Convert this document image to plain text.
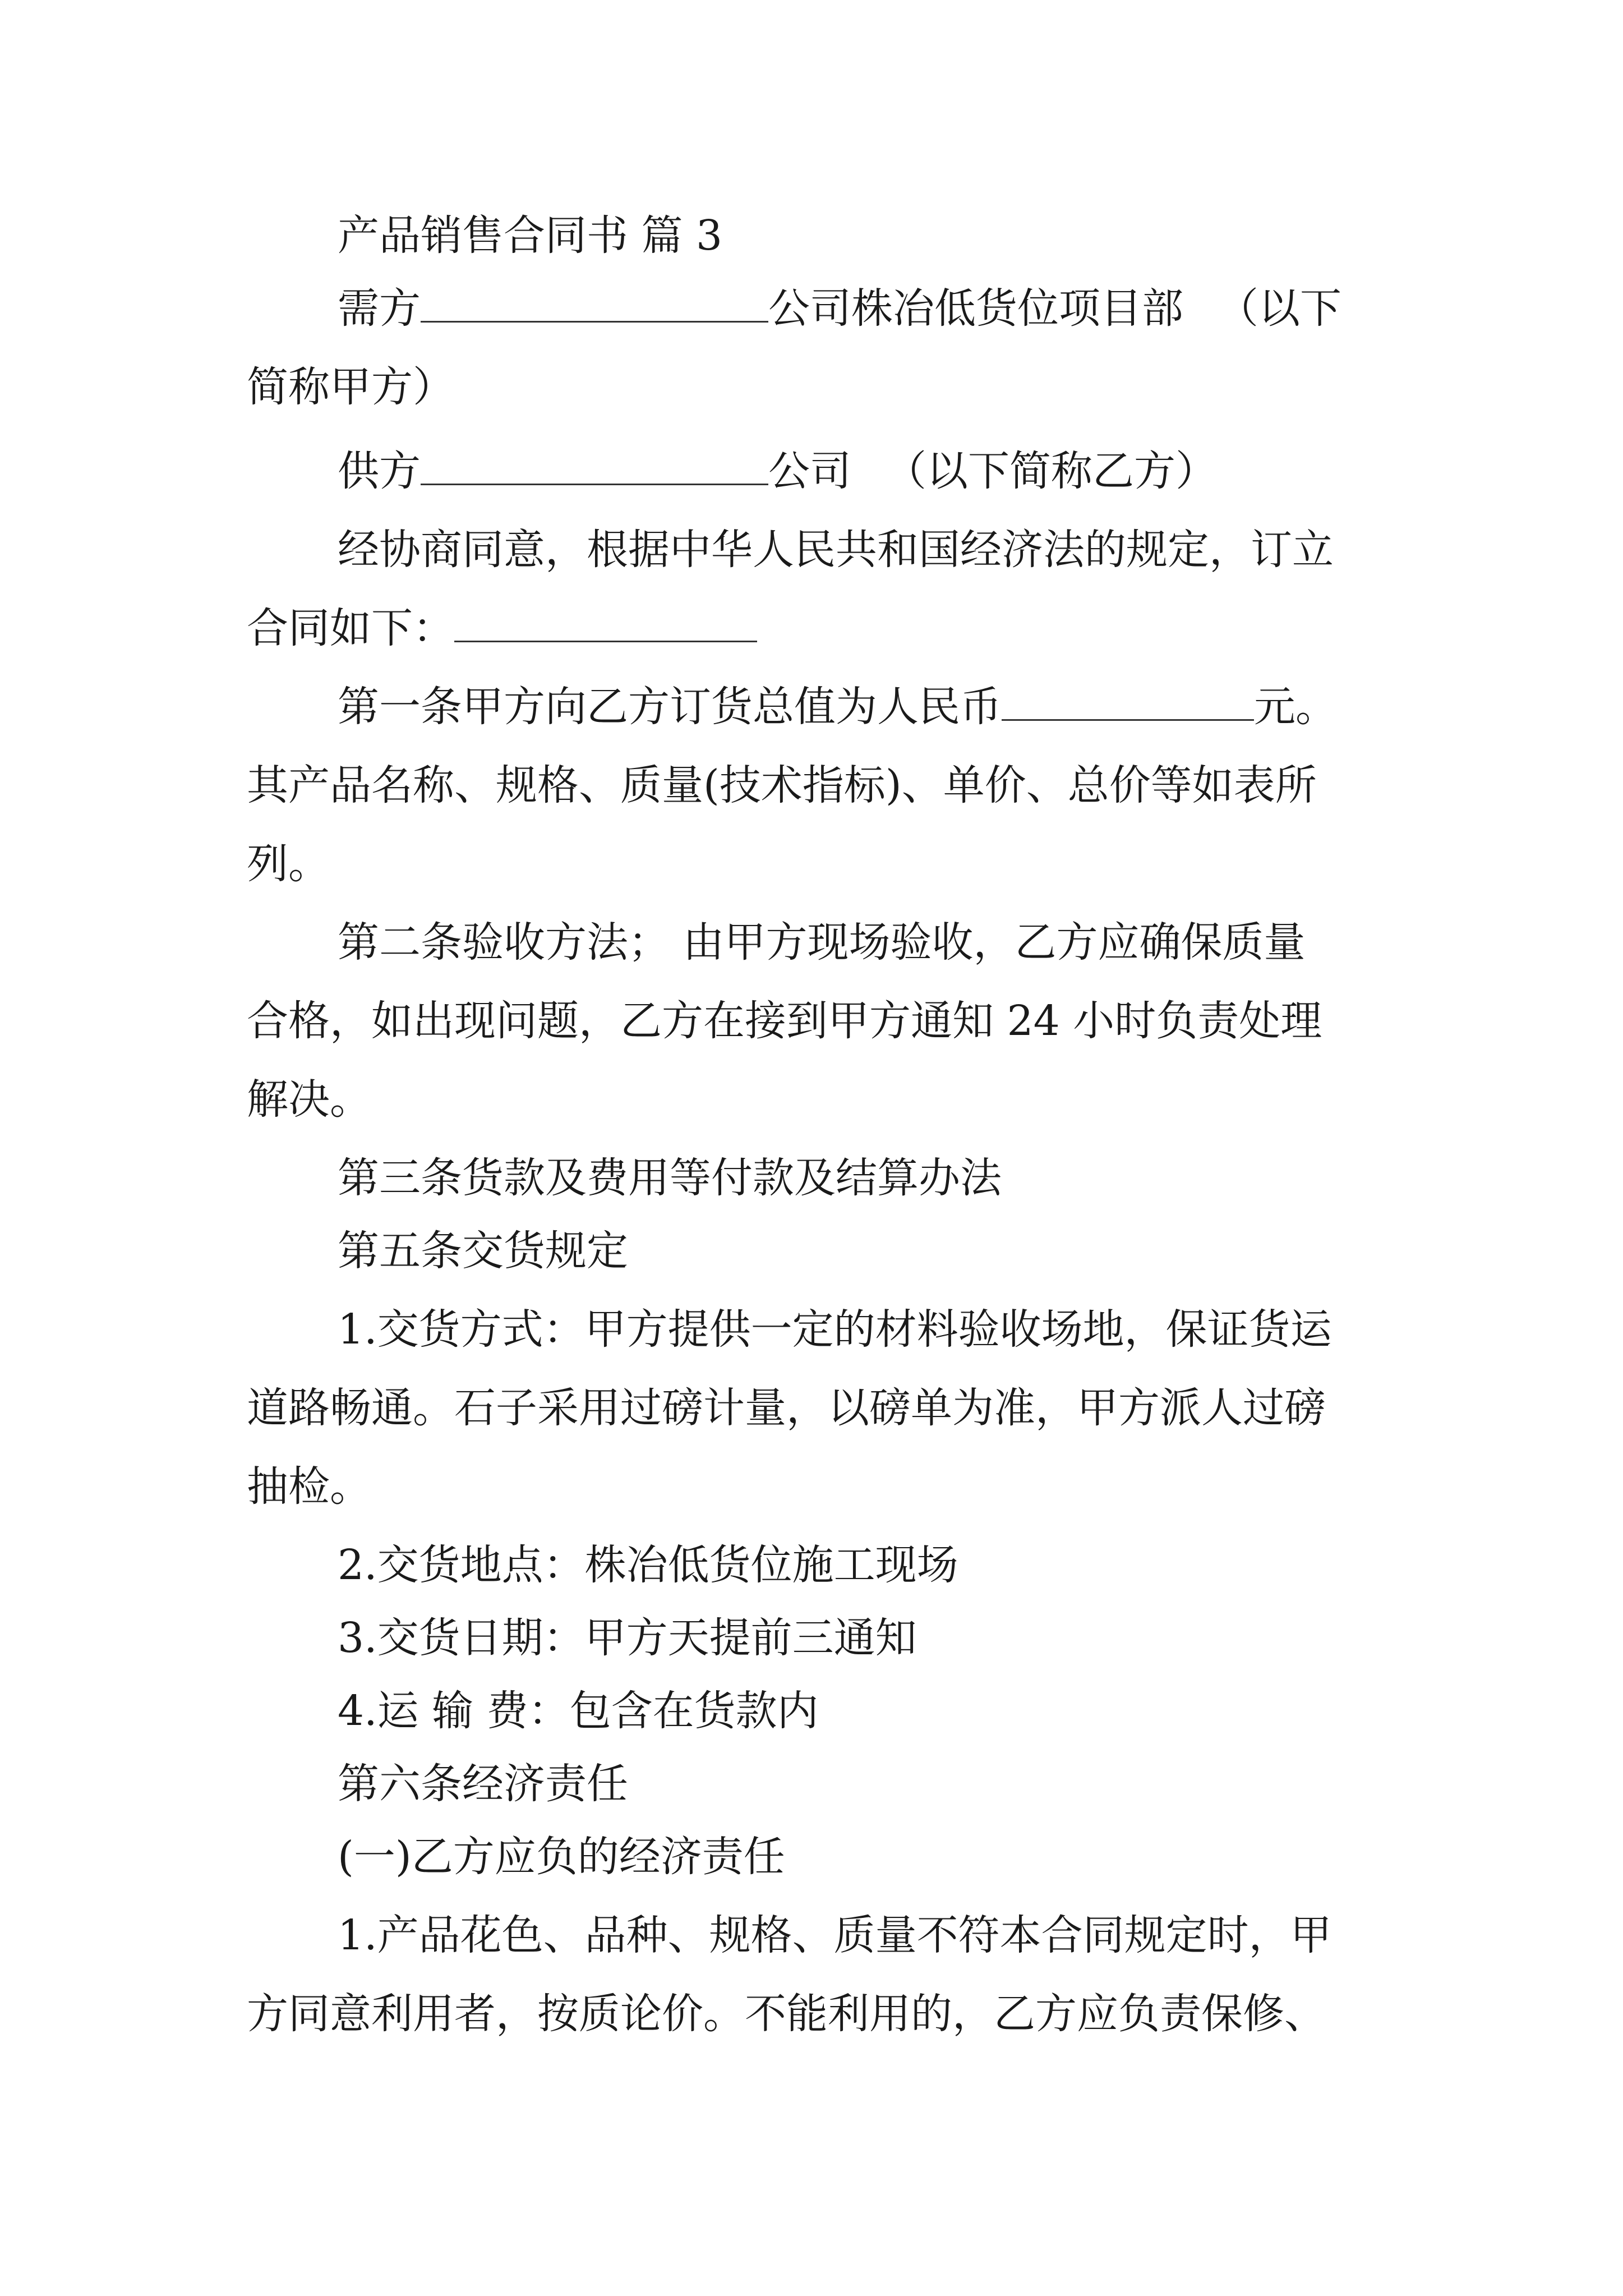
产品销售合同书 篇 3
需方	公司株冶低货位项目部 （以下
简称甲方）
供方	公司 （以下简称乙方）
经协商同意，根据中华人民共和国经济法的规定，订立
合同如下：
第一条甲方向乙方订货总值为人民币	元。
其产品名称、规格、质量(技术指标)、单价、总价等如表所
列。
第二条验收方法； 由甲方现场验收，乙方应确保质量
合格，如出现问题，乙方在接到甲方通知 24 小时负责处理
解决。
第三条货款及费用等付款及结算办法
第五条交货规定
1.交货方式：甲方提供一定的材料验收场地，保证货运
道路畅通。石子采用过磅计量，以磅单为准，甲方派人过磅
抽检。
2.交货地点：株冶低货位施工现场
3.交货日期：甲方天提前三通知
4.运 输 费：包含在货款内
第六条经济责任
(一)乙方应负的经济责任
1.产品花色、品种、规格、质量不符本合同规定时，甲
方同意利用者，按质论价。不能利用的，乙方应负责保修、
